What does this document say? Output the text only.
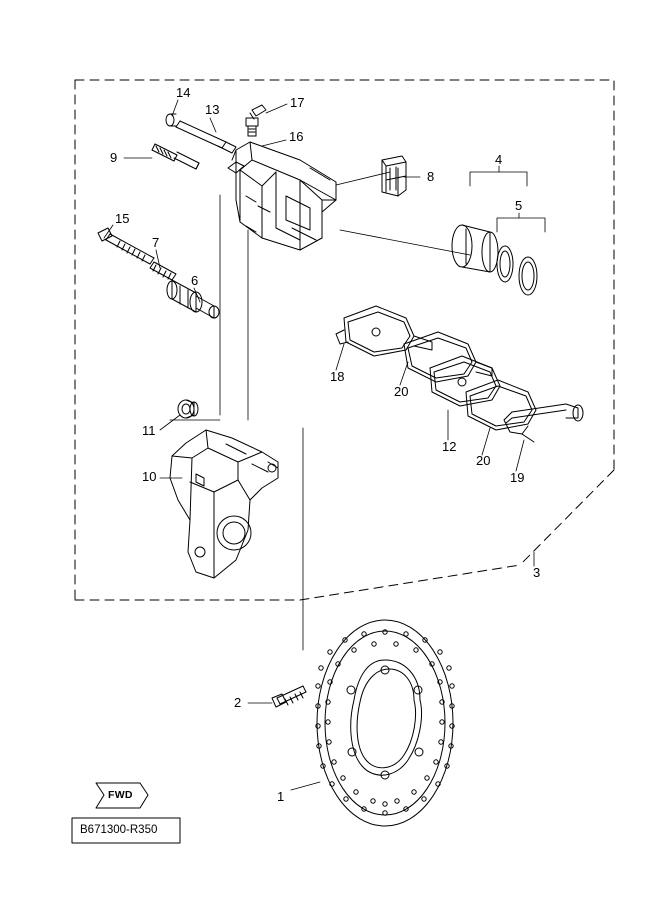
1
2
3
4
5
6
7
8
9
10
11
12
13
14
15
16
17
18
19
20
20
FWD
B671300-R350
